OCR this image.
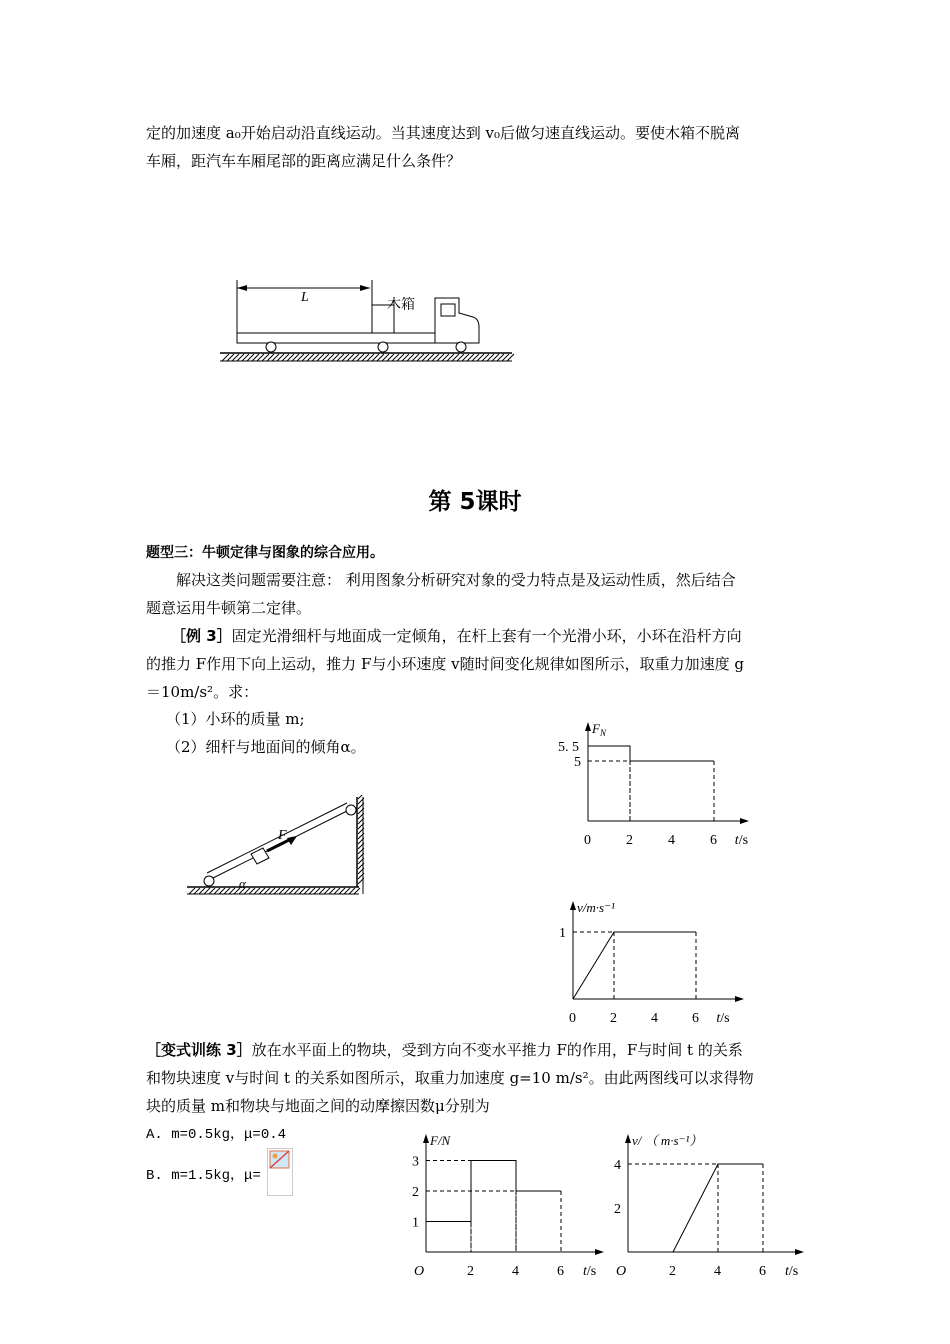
定的加速度 a₀开始启动沿直线运动。当其速度达到 v₀后做匀速直线运动。要使木箱不脱离
车厢，距汽车车厢尾部的距离应满足什么条件？
L
木箱
第 5课时
题型三：牛顿定律与图象的综合应用。
解决这类问题需要注意： 利用图象分析研究对象的受力特点是及运动性质，然后结合
题意运用牛顿第二定律。
［例 3］固定光滑细杆与地面成一定倾角，在杆上套有一个光滑小环，小环在沿杆方向
的推力 F作用下向上运动，推力 F与小环速度 v随时间变化规律如图所示，取重力加速度 g
＝10m/s²。求：
（1）小环的质量 m;
（2）细杆与地面间的倾角α。
F
α
$F_N$
t/s
0	2	4	6
5. 5
5
v/m·s⁻¹
t/s
0 2 4 6
1
［变式训练 3］放在水平面上的物块，受到方向不变水平推力 F的作用，F与时间 t 的关系
和物块速度 v与时间 t 的关系如图所示，取重力加速度 g=10 m/s²。由此两图线可以求得物
块的质量 m和物块与地面之间的动摩擦因数μ分别为
A. m=0.5kg，μ=0.4
B. m=1.5kg，μ=
F/N
t/s
O	2	4	6
1
2
3
v/ （ m·s⁻¹）
t/s
O	2	4	6
2
4
